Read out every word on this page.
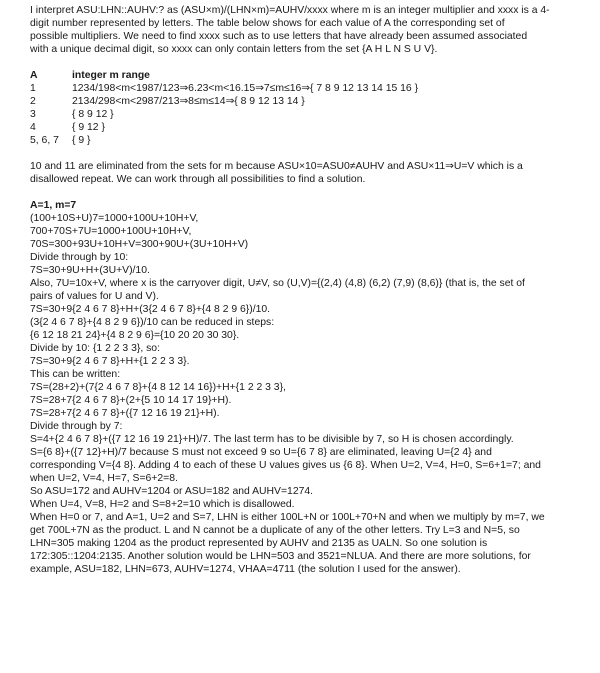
I interpret ASU:LHN::AUHV:? as (ASU×m)/(LHN×m)=AUHV/xxxx where m is an integer multiplier and xxxx is a 4-
digit number represented by letters. The table below shows for each value of A the corresponding set of
possible multipliers. We need to find xxxx such as to use letters that have already been assumed associated
with a unique decimal digit, so xxxx can only contain letters from the set {A H L N S U V}.
A	integer m range
1	1234/198<m<1987/123⇒6.23<m<16.15⇒7≤m≤16⇒{ 7 8 9 12 13 14 15 16 }
2	2134/298<m<2987/213⇒8≤m≤14⇒{ 8 9 12 13 14 }
3	{ 8 9 12 }
4	{ 9 12 }
5, 6, 7	{ 9 }
10 and 11 are eliminated from the sets for m because ASU×10=ASU0≠AUHV and ASU×11⇒U=V which is a
disallowed repeat. We can work through all possibilities to find a solution.
A=1, m=7
(100+10S+U)7=1000+100U+10H+V,
700+70S+7U=1000+100U+10H+V,
70S=300+93U+10H+V=300+90U+(3U+10H+V)
Divide through by 10:
7S=30+9U+H+(3U+V)/10.
Also, 7U=10x+V, where x is the carryover digit, U≠V, so (U,V)={(2,4) (4,8) (6,2) (7,9) (8,6)} (that is, the set of
pairs of values for U and V).
7S=30+9{2 4 6 7 8}+H+(3{2 4 6 7 8}+{4 8 2 9 6})/10.
(3{2 4 6 7 8}+{4 8 2 9 6})/10 can be reduced in steps:
{6 12 18 21 24}+{4 8 2 9 6}={10 20 20 30 30}.
Divide by 10: {1 2 2 3 3}, so:
7S=30+9{2 4 6 7 8}+H+{1 2 2 3 3}.
This can be written:
7S=(28+2)+(7{2 4 6 7 8}+{4 8 12 14 16})+H+{1 2 2 3 3},
7S=28+7{2 4 6 7 8}+(2+{5 10 14 17 19}+H).
7S=28+7{2 4 6 7 8}+({7 12 16 19 21}+H).
Divide through by 7:
S=4+{2 4 6 7 8}+({7 12 16 19 21}+H)/7. The last term has to be divisible by 7, so H is chosen accordingly.
S={6 8}+({7 12}+H)/7 because S must not exceed 9 so U={6 7 8} are eliminated, leaving U={2 4} and
corresponding V={4 8}. Adding 4 to each of these U values gives us {6 8}. When U=2, V=4, H=0, S=6+1=7; and
when U=2, V=4, H=7, S=6+2=8.
So ASU=172 and AUHV=1204 or ASU=182 and AUHV=1274.
When U=4, V=8, H=2 and S=8+2=10 which is disallowed.
When H=0 or 7, and A=1, U=2 and S=7, LHN is either 100L+N or 100L+70+N and when we multiply by m=7, we
get 700L+7N as the product. L and N cannot be a duplicate of any of the other letters. Try L=3 and N=5, so
LHN=305 making 1204 as the product represented by AUHV and 2135 as UALN. So one solution is
172:305::1204:2135. Another solution would be LHN=503 and 3521=NLUA. And there are more solutions, for
example, ASU=182, LHN=673, AUHV=1274, VHAA=4711 (the solution I used for the answer).
